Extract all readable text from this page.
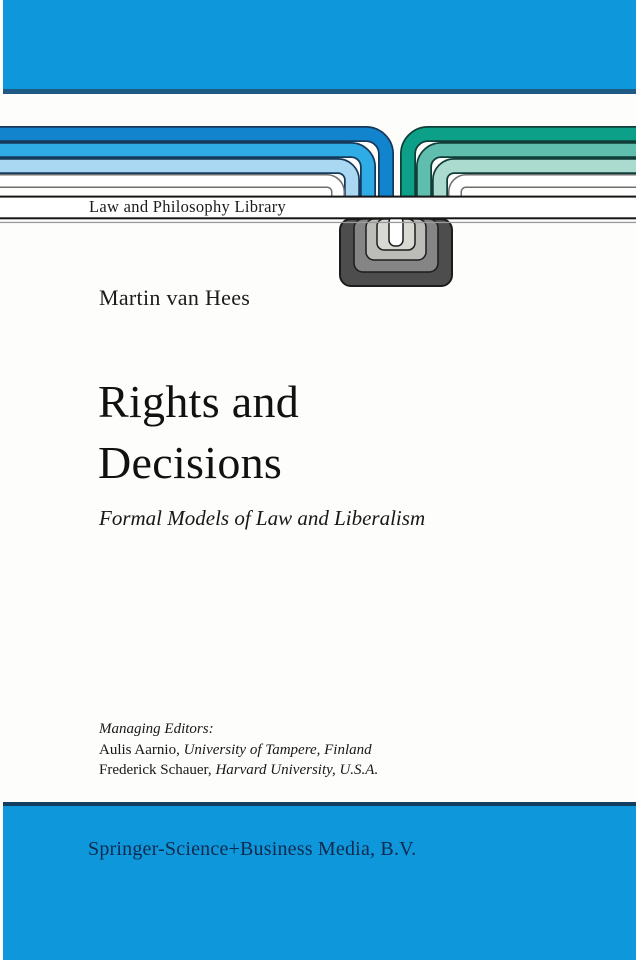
Law and Philosophy Library
Martin van Hees
Rights and
Decisions
Formal Models of Law and Liberalism
Managing Editors:
Aulis Aarnio, University of Tampere, Finland
Frederick Schauer, Harvard University, U.S.A.
Springer-Science+Business Media, B.V.
